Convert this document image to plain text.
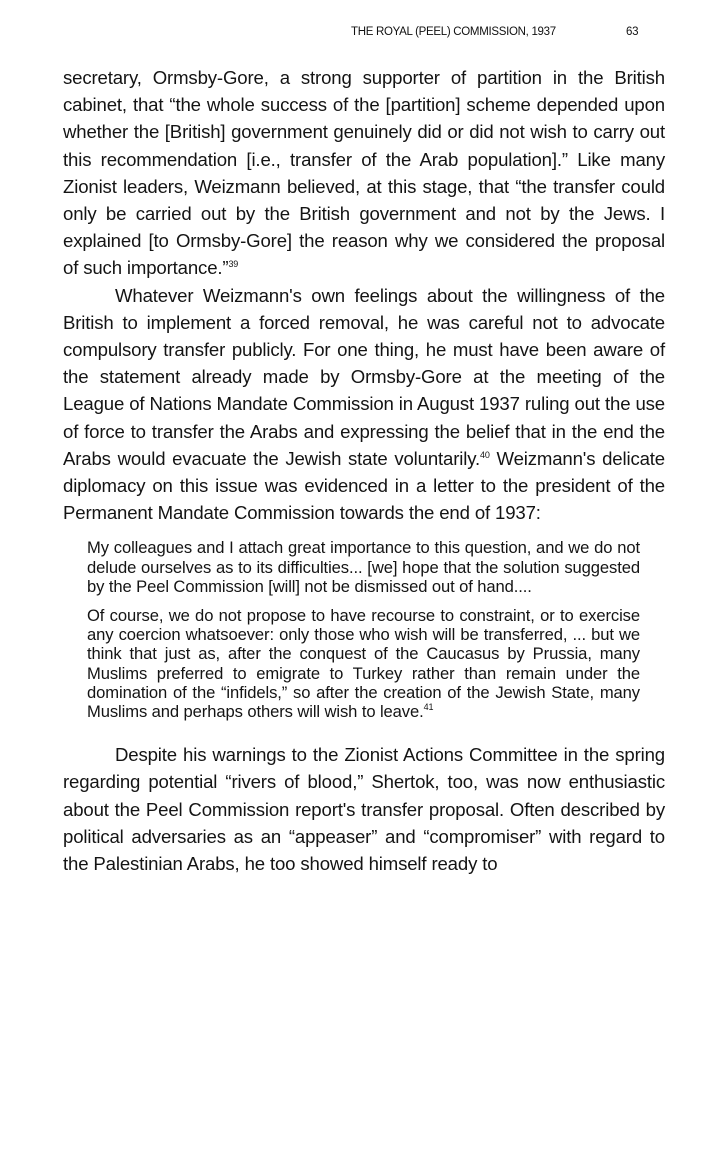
THE ROYAL (PEEL) COMMISSION, 1937	63

secretary, Ormsby-Gore, a strong supporter of partition in the British cabinet, that “the whole success of the [partition] scheme depended upon whether the [British] government genuinely did or did not wish to carry out this recommendation [i.e., transfer of the Arab population].” Like many Zionist leaders, Weizmann believed, at this stage, that “the transfer could only be carried out by the British government and not by the Jews. I explained [to Ormsby-Gore] the reason why we considered the proposal of such importance.”$^{39}$

Whatever Weizmann's own feelings about the willingness of the British to implement a forced removal, he was careful not to advocate compulsory transfer publicly. For one thing, he must have been aware of the statement already made by Ormsby-Gore at the meeting of the League of Nations Mandate Commission in August 1937 ruling out the use of force to transfer the Arabs and expressing the belief that in the end the Arabs would evacuate the Jewish state voluntarily.$^{40}$ Weizmann's delicate diplomacy on this issue was evidenced in a letter to the president of the Permanent Mandate Commission towards the end of 1937:

My colleagues and I attach great importance to this question, and we do not delude ourselves as to its difficulties... [we] hope that the solution suggested by the Peel Commission [will] not be dismissed out of hand....

Of course, we do not propose to have recourse to constraint, or to exercise any coercion whatsoever: only those who wish will be transferred, ... but we think that just as, after the conquest of the Caucasus by Prussia, many Muslims preferred to emigrate to Turkey rather than remain under the domination of the “infidels,” so after the creation of the Jewish State, many Muslims and perhaps others will wish to leave.$^{41}$

Despite his warnings to the Zionist Actions Committee in the spring regarding potential “rivers of blood,” Shertok, too, was now enthusiastic about the Peel Commission report's transfer proposal. Often described by political adversaries as an “appeaser” and “compromiser” with regard to the Palestinian Arabs, he too showed himself ready to
